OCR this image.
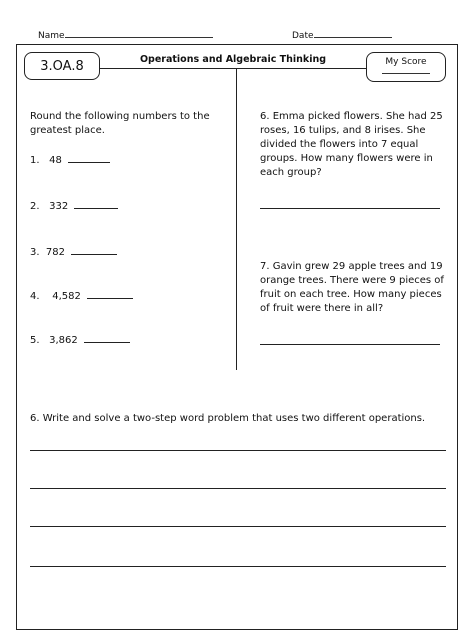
Name	Date
Operations and Algebraic Thinking
3.OA.8	My Score
Round the following numbers to the greatest place.
1. 48
2. 332
3. 782
4. 4,582
5. 3,862
6. Emma picked flowers. She had 25 roses, 16 tulips, and 8 irises. She divided the flowers into 7 equal groups. How many flowers were in each group?
7. Gavin grew 29 apple trees and 19 orange trees. There were 9 pieces of fruit on each tree. How many pieces of fruit were there in all?
6. Write and solve a two-step word problem that uses two different operations.
